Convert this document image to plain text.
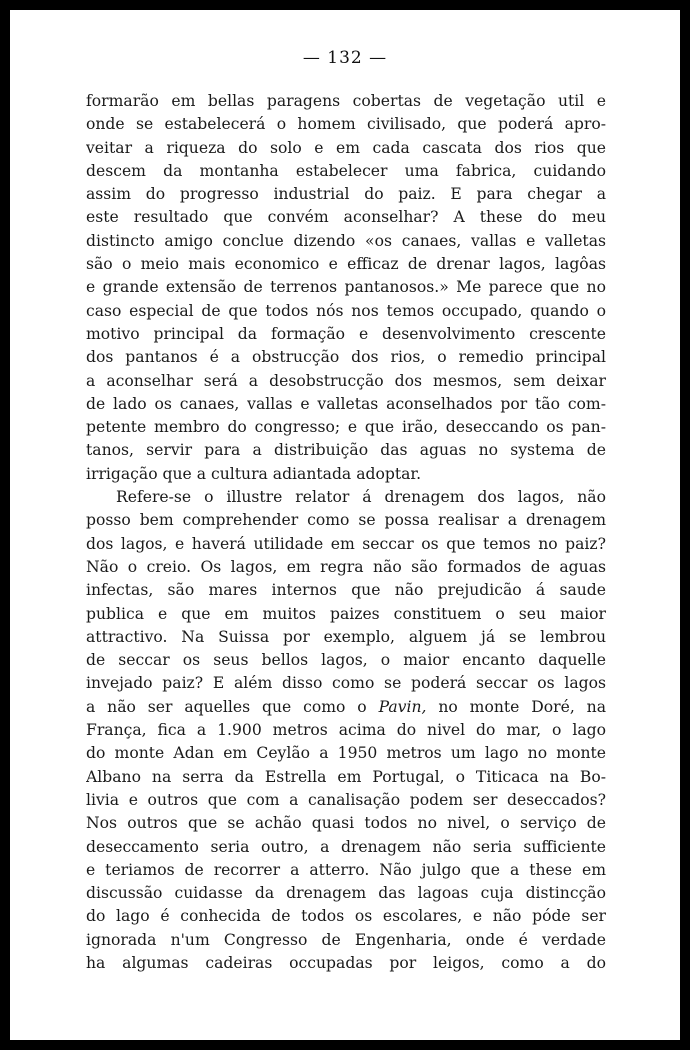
— 132 —
formarão em bellas paragens cobertas de vegetação util e
onde se estabelecerá o homem civilisado, que poderá apro-
veitar a riqueza do solo e em cada cascata dos rios que
descem da montanha estabelecer uma fabrica, cuidando
assim do progresso industrial do paiz. E para chegar a
este resultado que convém aconselhar? A these do meu
distincto amigo conclue dizendo «os canaes, vallas e valletas
são o meio mais economico e efficaz de drenar lagos, lagôas
e grande extensão de terrenos pantanosos.» Me parece que no
caso especial de que todos nós nos temos occupado, quando o
motivo principal da formação e desenvolvimento crescente
dos pantanos é a obstrucção dos rios, o remedio principal
a aconselhar será a desobstrucção dos mesmos, sem deixar
de lado os canaes, vallas e valletas aconselhados por tão com-
petente membro do congresso; e que irão, deseccando os pan-
tanos, servir para a distribuição das aguas no systema de
irrigação que a cultura adiantada adoptar.
Refere-se o illustre relator á drenagem dos lagos, não
posso bem comprehender como se possa realisar a drenagem
dos lagos, e haverá utilidade em seccar os que temos no paiz?
Não o creio. Os lagos, em regra não são formados de aguas
infectas, são mares internos que não prejudicão á saude
publica e que em muitos paizes constituem o seu maior
attractivo. Na Suissa por exemplo, alguem já se lembrou
de seccar os seus bellos lagos, o maior encanto daquelle
invejado paiz? E além disso como se poderá seccar os lagos
a não ser aquelles que como o Pavin, no monte Doré, na
França, fica a 1.900 metros acima do nivel do mar, o lago
do monte Adan em Ceylão a 1950 metros um lago no monte
Albano na serra da Estrella em Portugal, o Titicaca na Bo-
livia e outros que com a canalisação podem ser deseccados?
Nos outros que se achão quasi todos no nivel, o serviço de
deseccamento seria outro, a drenagem não seria sufficiente
e teriamos de recorrer a atterro. Não julgo que a these em
discussão cuidasse da drenagem das lagoas cuja distincção
do lago é conhecida de todos os escolares, e não póde ser
ignorada n'um Congresso de Engenharia, onde é verdade
ha algumas cadeiras occupadas por leigos, como a do
